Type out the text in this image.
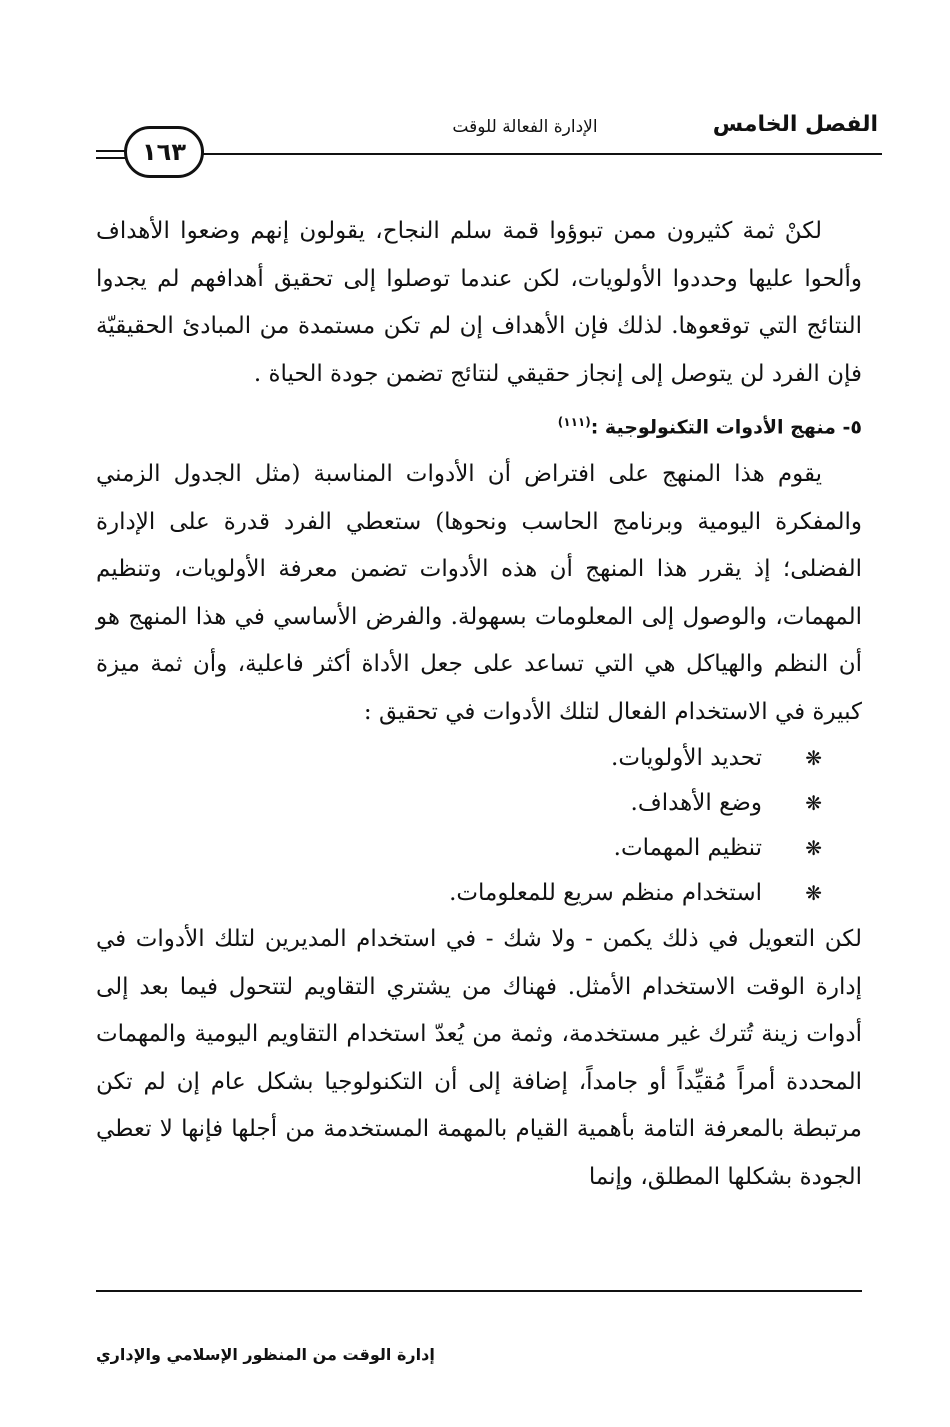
الفصل الخامس
الإدارة الفعالة للوقت
١٦٣

لكنْ ثمة كثيرون ممن تبوؤوا قمة سلم النجاح، يقولون إنهم وضعوا الأهداف وألحوا عليها وحددوا الأولويات، لكن عندما توصلوا إلى تحقيق أهدافهم لم يجدوا النتائج التي توقعوها. لذلك فإن الأهداف إن لم تكن مستمدة من المبادئ الحقيقيّة فإن الفرد لن يتوصل إلى إنجاز حقيقي لنتائج تضمن جودة الحياة .

٥- منهج الأدوات التكنولوجية :$^{(١١١)}$

يقوم هذا المنهج على افتراض أن الأدوات المناسبة (مثل الجدول الزمني والمفكرة اليومية وبرنامج الحاسب ونحوها) ستعطي الفرد قدرة على الإدارة الفضلى؛ إذ يقرر هذا المنهج أن هذه الأدوات تضمن معرفة الأولويات، وتنظيم المهمات، والوصول إلى المعلومات بسهولة. والفرض الأساسي في هذا المنهج هو أن النظم والهياكل هي التي تساعد على جعل الأداة أكثر فاعلية، وأن ثمة ميزة كبيرة في الاستخدام الفعال لتلك الأدوات في تحقيق :

❋
تحديد الأولويات.
❋
وضع الأهداف.
❋
تنظيم المهمات.
❋
استخدام منظم سريع للمعلومات.

لكن التعويل في ذلك يكمن - ولا شك - في استخدام المديرين لتلك الأدوات في إدارة الوقت الاستخدام الأمثل. فهناك من يشتري التقاويم لتتحول فيما بعد إلى أدوات زينة تُترك غير مستخدمة، وثمة من يُعدّ استخدام التقاويم اليومية والمهمات المحددة أمراً مُقيِّداً أو جامداً، إضافة إلى أن التكنولوجيا بشكل عام إن لم تكن مرتبطة بالمعرفة التامة بأهمية القيام بالمهمة المستخدمة من أجلها فإنها لا تعطي الجودة بشكلها المطلق، وإنما

إدارة الوقت من المنظور الإسلامي والإداري
